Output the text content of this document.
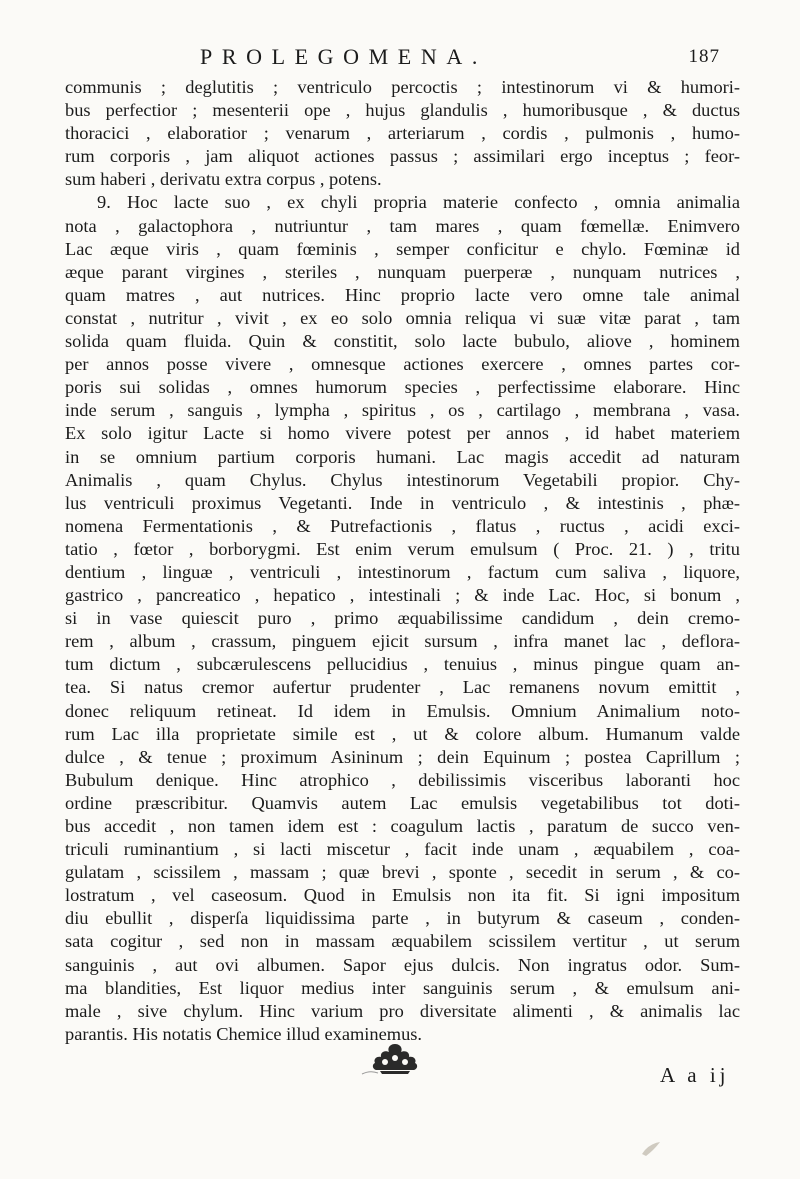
PROLEGOMENA.	187
communis ; deglutitis ; ventriculo percoctis ; intestinorum vi & humori-
bus perfectior ; mesenterii ope , hujus glandulis , humoribusque , & ductus
thoracici , elaboratior ; venarum , arteriarum , cordis , pulmonis , humo-
rum corporis , jam aliquot actiones passus ; assimilari ergo inceptus ; feor-
sum haberi , derivatu extra corpus , potens.
9. Hoc lacte suo , ex chyli propria materie confecto , omnia animalia
nota , galactophora , nutriuntur , tam mares , quam fœmellæ. Enimvero
Lac æque viris , quam fœminis , semper conficitur e chylo. Fœminæ id
æque parant virgines , steriles , nunquam puerperæ , nunquam nutrices ,
quam matres , aut nutrices. Hinc proprio lacte vero omne tale animal
constat , nutritur , vivit , ex eo solo omnia reliqua vi suæ vitæ parat , tam
solida quam fluida. Quin & constitit, solo lacte bubulo, aliove , hominem
per annos posse vivere , omnesque actiones exercere , omnes partes cor-
poris sui solidas , omnes humorum species , perfectissime elaborare. Hinc
inde serum , sanguis , lympha , spiritus , os , cartilago , membrana , vasa.
Ex solo igitur Lacte si homo vivere potest per annos , id habet materiem
in se omnium partium corporis humani. Lac magis accedit ad naturam
Animalis , quam Chylus. Chylus intestinorum Vegetabili propior. Chy-
lus ventriculi proximus Vegetanti. Inde in ventriculo , & intestinis , phæ-
nomena Fermentationis , & Putrefactionis , flatus , ructus , acidi exci-
tatio , fœtor , borborygmi. Est enim verum emulsum ( Proc. 21. ) , tritu
dentium , linguæ , ventriculi , intestinorum , factum cum saliva , liquore,
gastrico , pancreatico , hepatico , intestinali ; & inde Lac. Hoc, si bonum ,
si in vase quiescit puro , primo æquabilissime candidum , dein cremo-
rem , album , crassum, pinguem ejicit sursum , infra manet lac , deflora-
tum dictum , subcærulescens pellucidius , tenuius , minus pingue quam an-
tea. Si natus cremor aufertur prudenter , Lac remanens novum emittit ,
donec reliquum retineat. Id idem in Emulsis. Omnium Animalium noto-
rum Lac illa proprietate simile est , ut & colore album. Humanum valde
dulce , & tenue ; proximum Asininum ; dein Equinum ; postea Caprillum ;
Bubulum denique. Hinc atrophico , debilissimis visceribus laboranti hoc
ordine præscribitur. Quamvis autem Lac emulsis vegetabilibus tot doti-
bus accedit , non tamen idem est : coagulum lactis , paratum de succo ven-
triculi ruminantium , si lacti miscetur , facit inde unam , æquabilem , coa-
gulatam , scissilem , massam ; quæ brevi , sponte , secedit in serum , & co-
lostratum , vel caseosum. Quod in Emulsis non ita fit. Si igni impositum
diu ebullit , disperſa liquidissima parte , in butyrum & caseum , conden-
sata cogitur , sed non in massam æquabilem scissilem vertitur , ut serum
sanguinis , aut ovi albumen. Sapor ejus dulcis. Non ingratus odor. Sum-
ma blandities, Est liquor medius inter sanguinis serum , & emulsum ani-
male , sive chylum. Hinc varium pro diversitate alimenti , & animalis lac
parantis. His notatis Chemice illud examinemus.
A a ij
